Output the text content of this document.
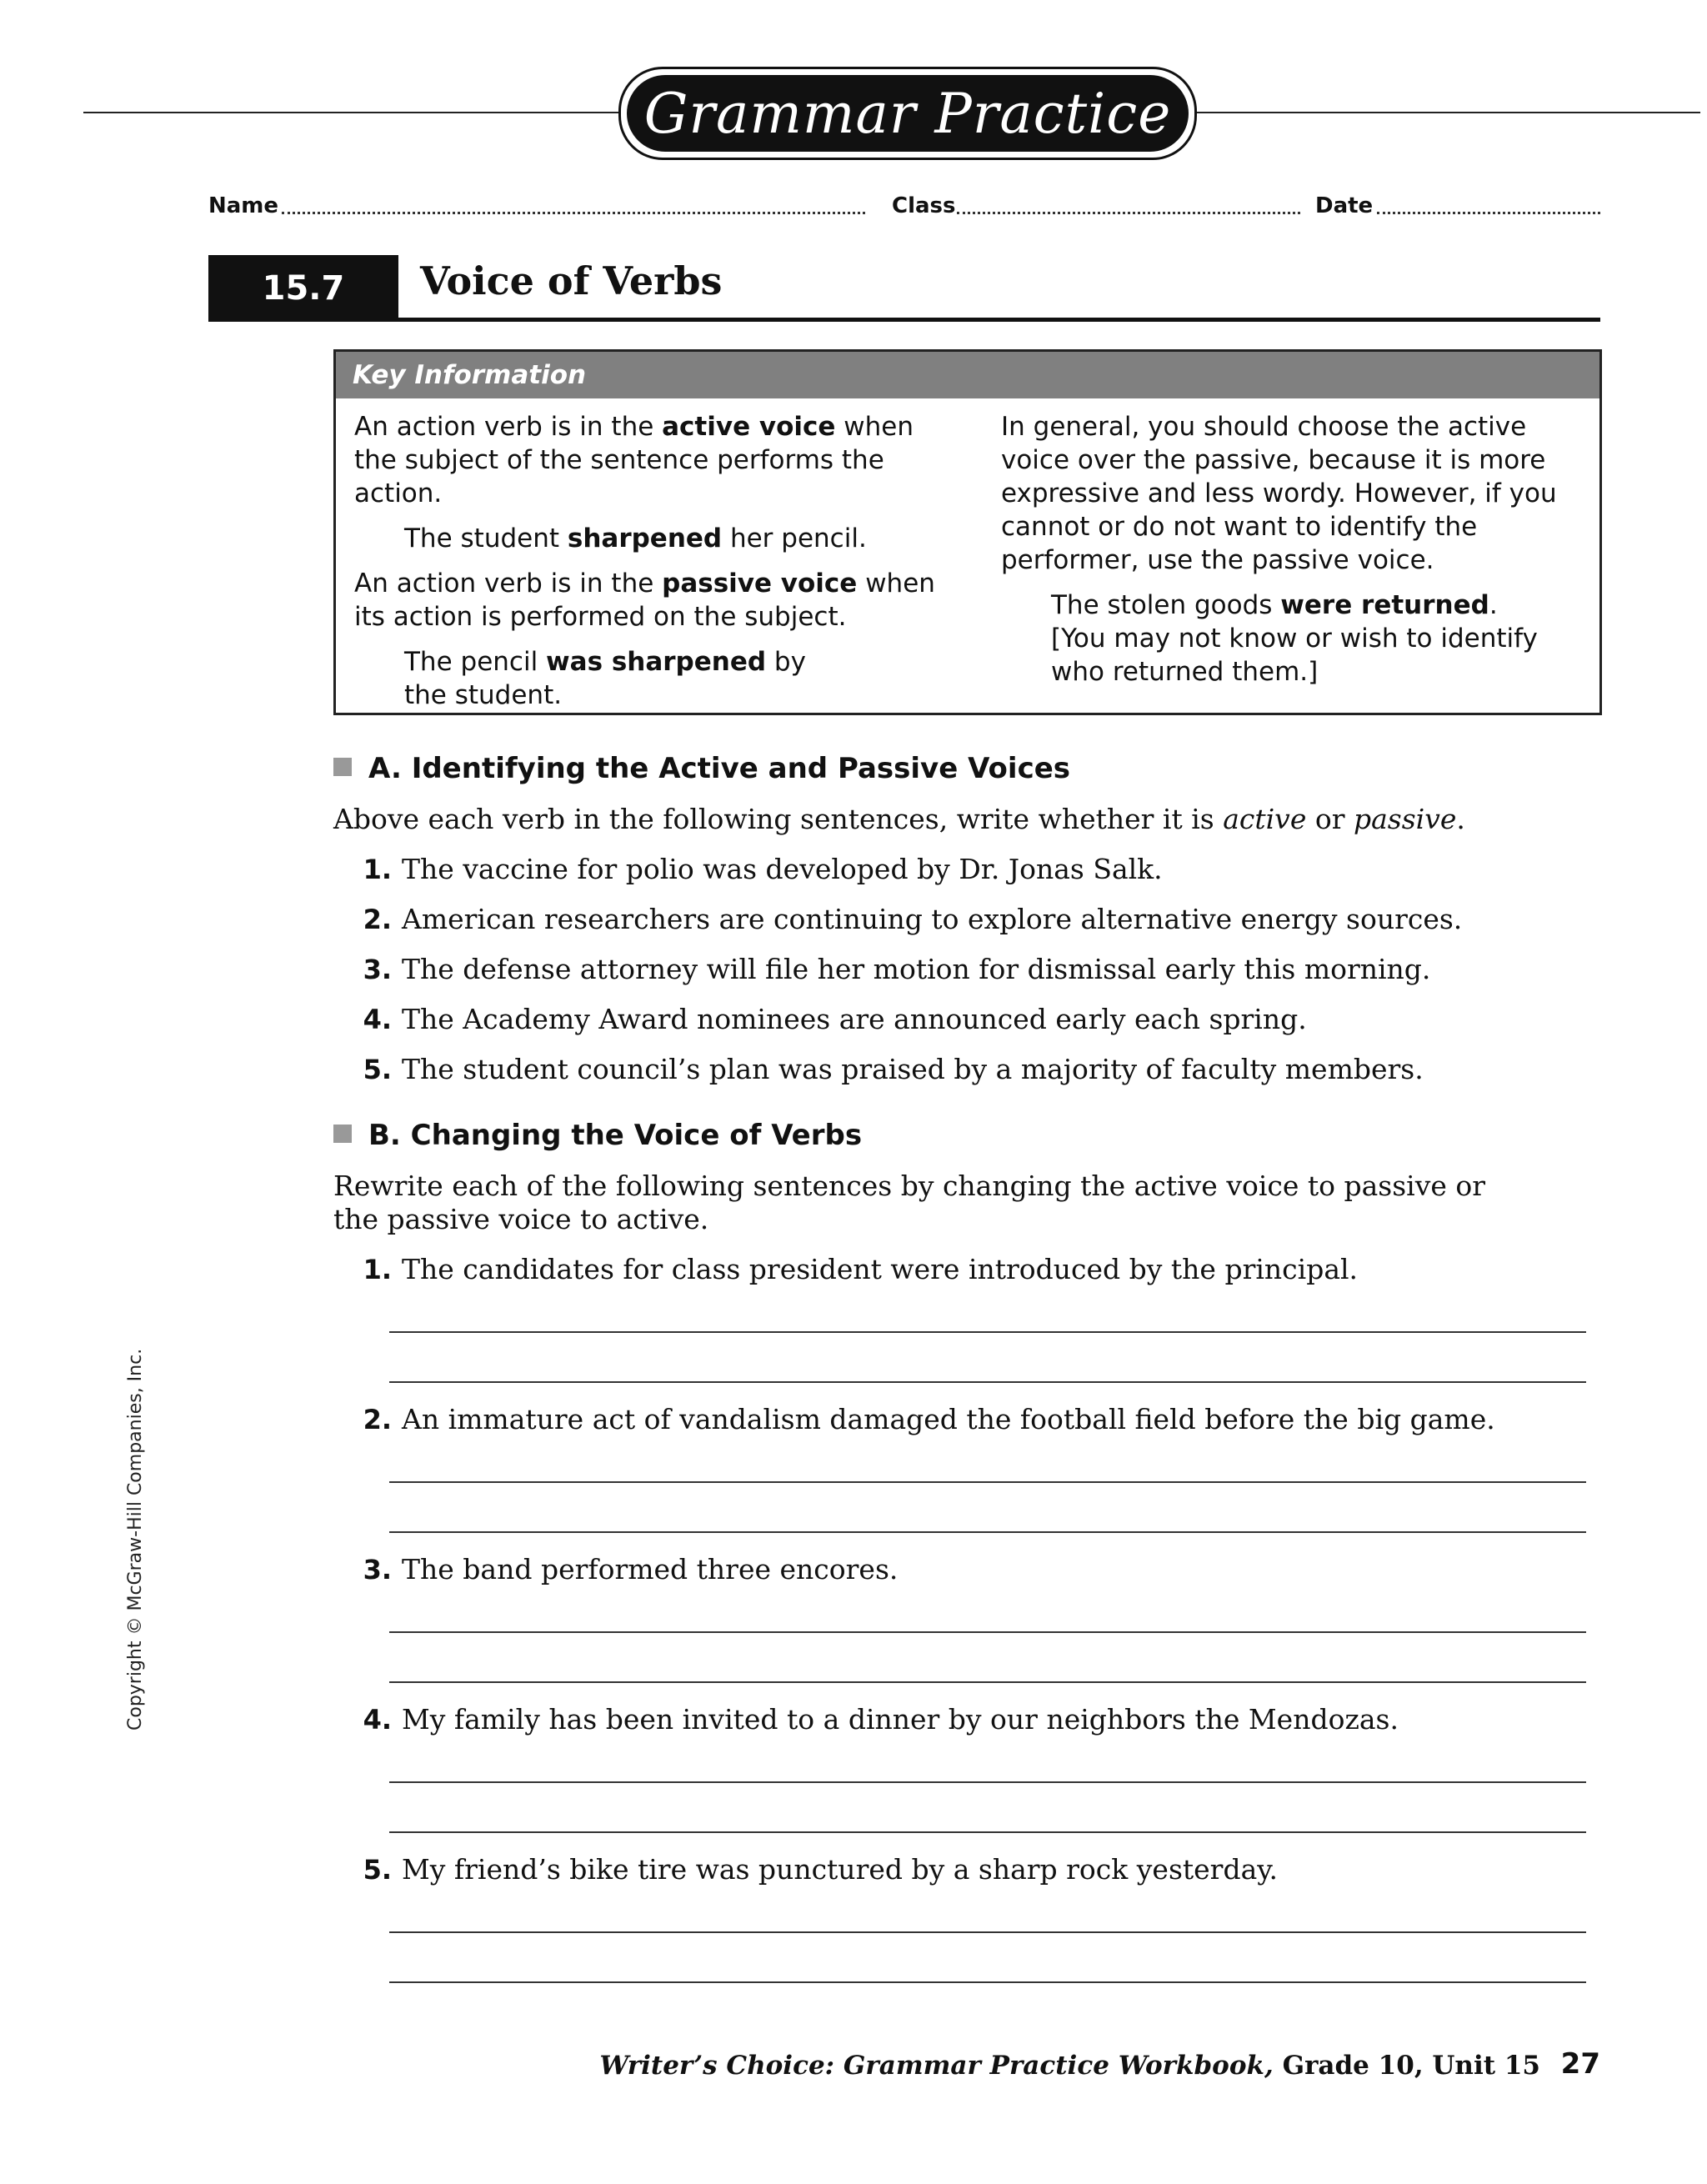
Grammar Practice
Name	Class	Date
15.7	Voice of Verbs
Key Information

An action verb is in the active voice when the subject of the sentence performs the action.

The student sharpened her pencil.

An action verb is in the passive voice when its action is performed on the subject.

The pencil was sharpened by the student.

In general, you should choose the active voice over the passive, because it is more expressive and less wordy. However, if you cannot or do not want to identify the performer, use the passive voice.

The stolen goods were returned.

[You may not know or wish to identify who returned them.]

A. Identifying the Active and Passive Voices
Above each verb in the following sentences, write whether it is active or passive.
1. The vaccine for polio was developed by Dr. Jonas Salk.
2. American researchers are continuing to explore alternative energy sources.
3. The defense attorney will file her motion for dismissal early this morning.
4. The Academy Award nominees are announced early each spring.
5. The student council’s plan was praised by a majority of faculty members.
B. Changing the Voice of Verbs
Rewrite each of the following sentences by changing the active voice to passive or the passive voice to active.
1. The candidates for class president were introduced by the principal.
2. An immature act of vandalism damaged the football field before the big game.
3. The band performed three encores.
4. My family has been invited to a dinner by our neighbors the Mendozas.
5. My friend’s bike tire was punctured by a sharp rock yesterday.
Copyright © McGraw-Hill Companies, Inc.
Writer’s Choice: Grammar Practice Workbook, Grade 10, Unit 15 27
